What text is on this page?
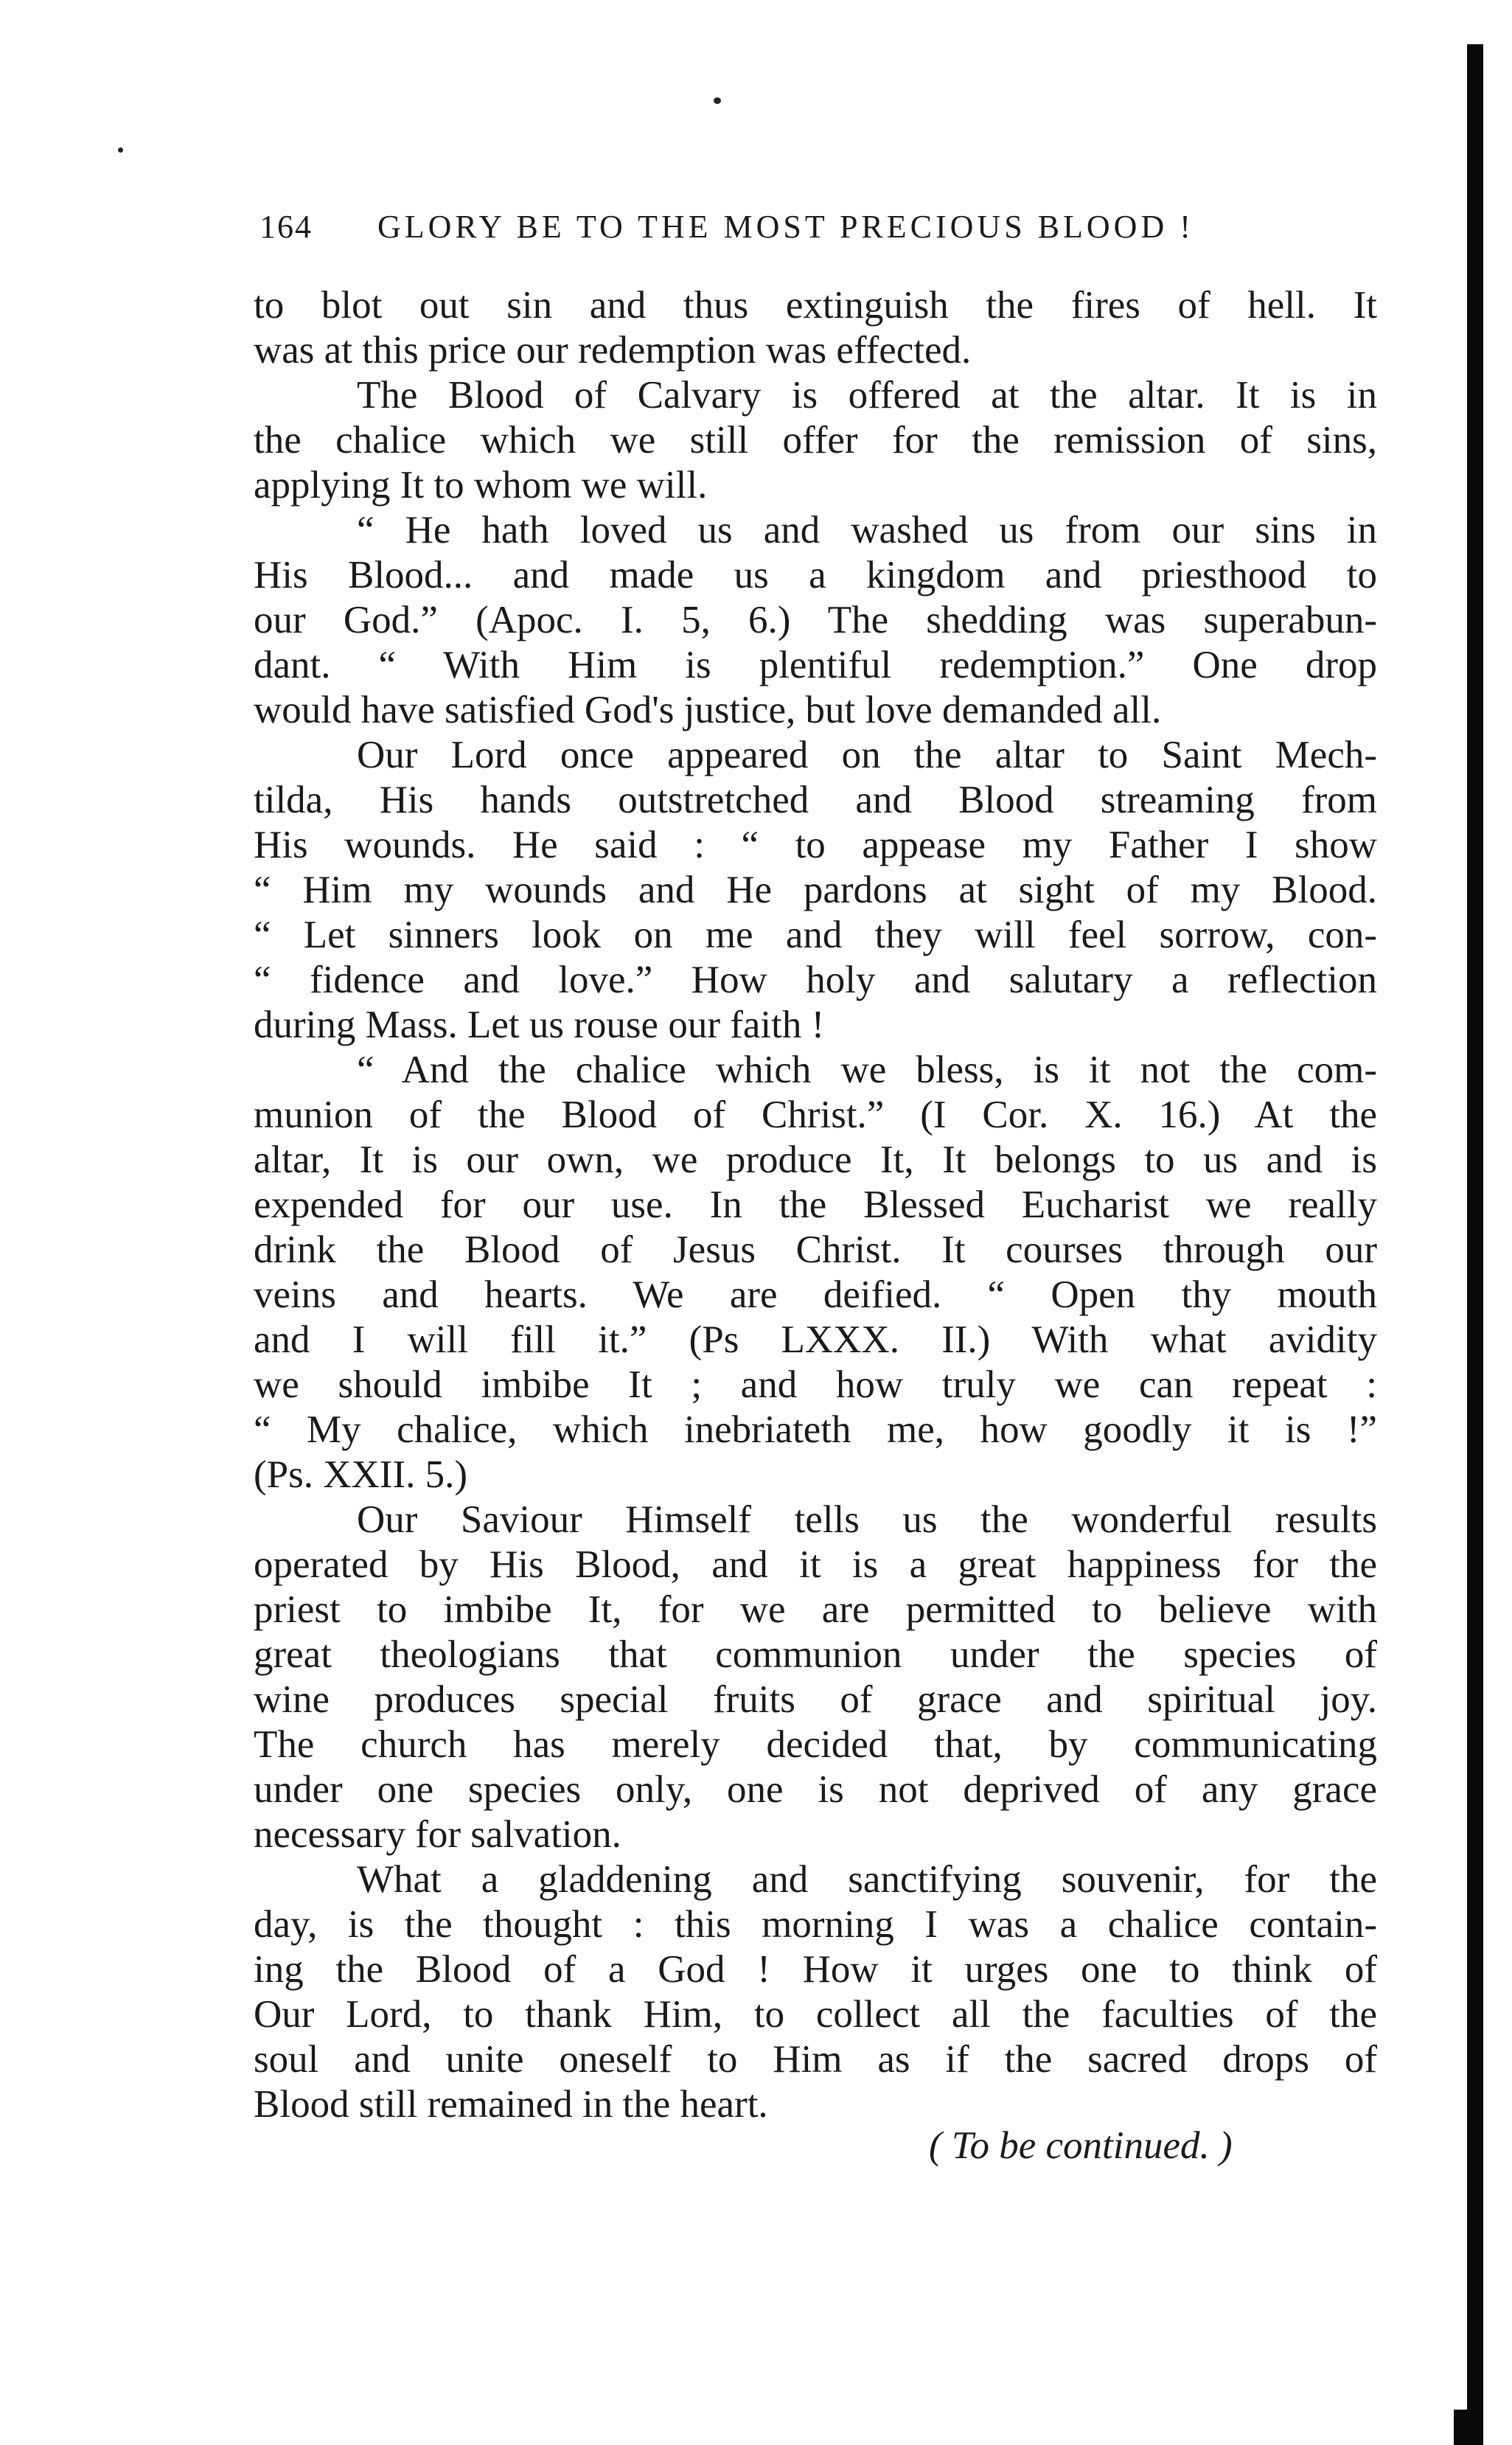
164 GLORY BE TO THE MOST PRECIOUS BLOOD !
to blot out sin and thus extinguish the fires of hell. It
was at this price our redemption was effected.
The Blood of Calvary is offered at the altar. It is in
the chalice which we still offer for the remission of sins,
applying It to whom we will.
“ He hath loved us and washed us from our sins in
His Blood... and made us a kingdom and priesthood to
our God.” (Apoc. I. 5, 6.) The shedding was superabun-
dant. “ With Him is plentiful redemption.” One drop
would have satisfied God's justice, but love demanded all.
Our Lord once appeared on the altar to Saint Mech-
tilda, His hands outstretched and Blood streaming from
His wounds. He said : “ to appease my Father I show
“ Him my wounds and He pardons at sight of my Blood.
“ Let sinners look on me and they will feel sorrow, con-
“ fidence and love.” How holy and salutary a reflection
during Mass. Let us rouse our faith !
“ And the chalice which we bless, is it not the com-
munion of the Blood of Christ.” (I Cor. X. 16.) At the
altar, It is our own, we produce It, It belongs to us and is
expended for our use. In the Blessed Eucharist we really
drink the Blood of Jesus Christ. It courses through our
veins and hearts. We are deified. “ Open thy mouth
and I will fill it.” (Ps LXXX. II.) With what avidity
we should imbibe It ; and how truly we can repeat :
“ My chalice, which inebriateth me, how goodly it is !”
(Ps. XXII. 5.)
Our Saviour Himself tells us the wonderful results
operated by His Blood, and it is a great happiness for the
priest to imbibe It, for we are permitted to believe with
great theologians that communion under the species of
wine produces special fruits of grace and spiritual joy.
The church has merely decided that, by communicating
under one species only, one is not deprived of any grace
necessary for salvation.
What a gladdening and sanctifying souvenir, for the
day, is the thought : this morning I was a chalice contain-
ing the Blood of a God ! How it urges one to think of
Our Lord, to thank Him, to collect all the faculties of the
soul and unite oneself to Him as if the sacred drops of
Blood still remained in the heart.
( To be continued. )
